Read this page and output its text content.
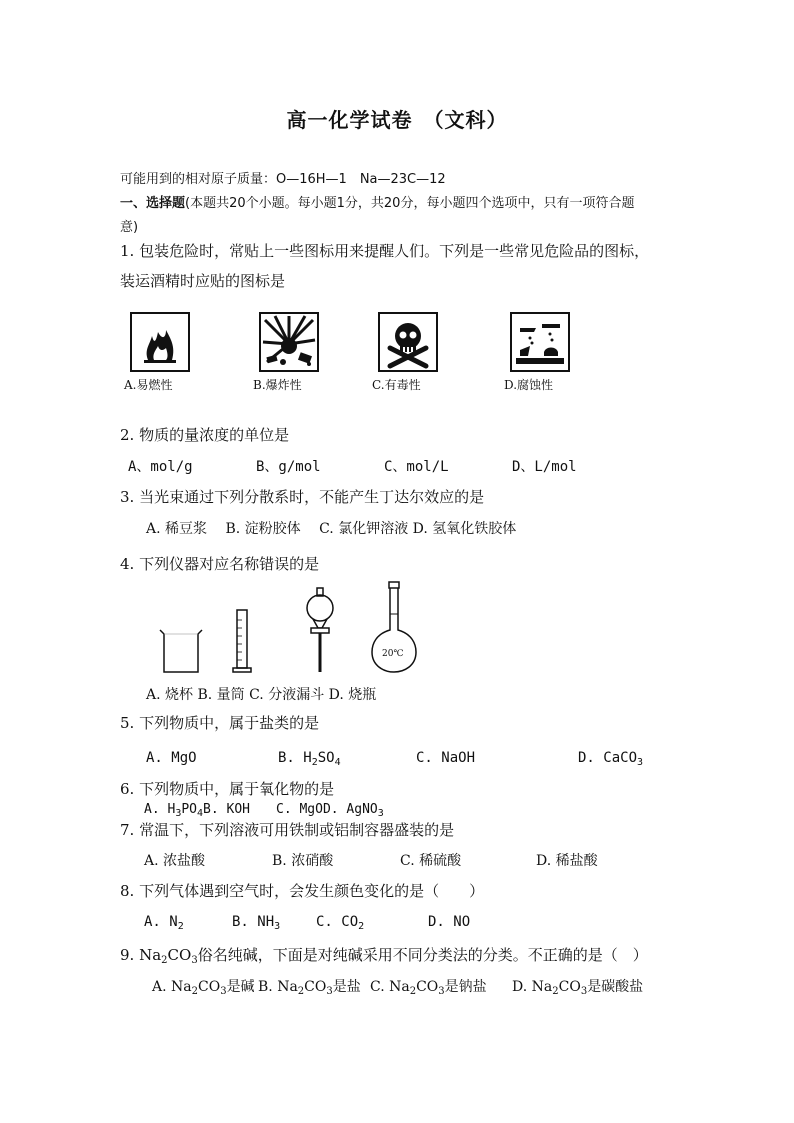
高一化学试卷　（文科）
可能用到的相对原子质量：O—16H—1　Na—23C—12
一、选择题(本题共20个小题。每小题1分，共20分，每小题四个选项中，只有一项符合题
意)
1. 包装危险时，常贴上一些图标用来提醒人们。下列是一些常见危险品的图标，
装运酒精时应贴的图标是
A.易燃性	B.爆炸性	C.有毒性	D.腐蚀性
2. 物质的量浓度的单位是
A、mol/g	B、g/mol	C、mol/L	D、L/mol
3. 当光束通过下列分散系时，不能产生丁达尔效应的是
A. 稀豆浆　 B. 淀粉胶体　 C. 氯化钾溶液 D. 氢氧化铁胶体
4. 下列仪器对应名称错误的是
20℃
A. 烧杯 B. 量筒 C. 分液漏斗 D. 烧瓶
5. 下列物质中，属于盐类的是
A. MgO	B. $H_2SO_4$	C. NaOH	D. CaCO$_3$
6. 下列物质中，属于氧化物的是
A. $H_3PO_4B$. KOH　　C. MgOD. AgNO$_3$
7. 常温下，下列溶液可用铁制或铝制容器盛装的是
A. 浓盐酸	B. 浓硝酸	C. 稀硫酸	D. 稀盐酸
8. 下列气体遇到空气时，会发生颜色变化的是（　　）
A. $N_2$	B. $NH_3$	C. $CO_2$	D. NO
9. $Na_2CO_3$俗名纯碱，下面是对纯碱采用不同分类法的分类。不正确的是（　）
A. $Na_2CO_3$是碱 B. $Na_2CO_3$是盐 C. $Na_2CO_3$是钠盐 D. $Na_2CO_3$是碳酸盐
